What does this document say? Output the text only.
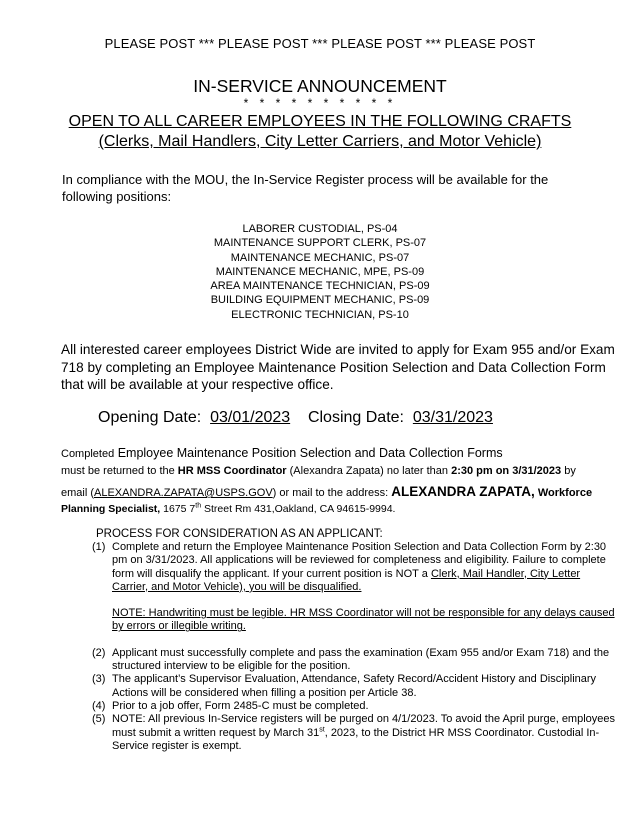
PLEASE POST *** PLEASE POST *** PLEASE POST *** PLEASE POST
IN-SERVICE ANNOUNCEMENT
* * * * * * * * * *
OPEN TO ALL CAREER EMPLOYEES IN THE FOLLOWING CRAFTS
(Clerks, Mail Handlers, City Letter Carriers, and Motor Vehicle)
In compliance with the MOU, the In-Service Register process will be available for the following positions:
LABORER CUSTODIAL, PS-04
MAINTENANCE SUPPORT CLERK, PS-07
MAINTENANCE MECHANIC, PS-07
MAINTENANCE MECHANIC, MPE, PS-09
AREA MAINTENANCE TECHNICIAN, PS-09
BUILDING EQUIPMENT MECHANIC, PS-09
ELECTRONIC TECHNICIAN, PS-10
All interested career employees District Wide are invited to apply for Exam 955 and/or Exam 718 by completing an Employee Maintenance Position Selection and Data Collection Form that will be available at your respective office.
Opening Date: 03/01/2023 Closing Date: 03/31/2023
Completed Employee Maintenance Position Selection and Data Collection Forms
must be returned to the HR MSS Coordinator (Alexandra Zapata) no later than 2:30 pm on 3/31/2023 by
email (ALEXANDRA.ZAPATA@USPS.GOV) or mail to the address: ALEXANDRA ZAPATA, Workforce
Planning Specialist, 1675 7th Street Rm 431,Oakland, CA 94615-9994.
PROCESS FOR CONSIDERATION AS AN APPLICANT:
(1) Complete and return the Employee Maintenance Position Selection and Data Collection Form by 2:30 pm on 3/31/2023. All applications will be reviewed for completeness and eligibility. Failure to complete form will disqualify the applicant. If your current position is NOT a Clerk, Mail Handler, City Letter Carrier, and Motor Vehicle), you will be disqualified.
NOTE: Handwriting must be legible. HR MSS Coordinator will not be responsible for any delays caused by errors or illegible writing.
(2) Applicant must successfully complete and pass the examination (Exam 955 and/or Exam 718) and the structured interview to be eligible for the position.
(3) The applicant’s Supervisor Evaluation, Attendance, Safety Record/Accident History and Disciplinary Actions will be considered when filling a position per Article 38.
(4) Prior to a job offer, Form 2485-C must be completed.
(5) NOTE: All previous In-Service registers will be purged on 4/1/2023. To avoid the April purge, employees must submit a written request by March 31st, 2023, to the District HR MSS Coordinator. Custodial In-Service register is exempt.
